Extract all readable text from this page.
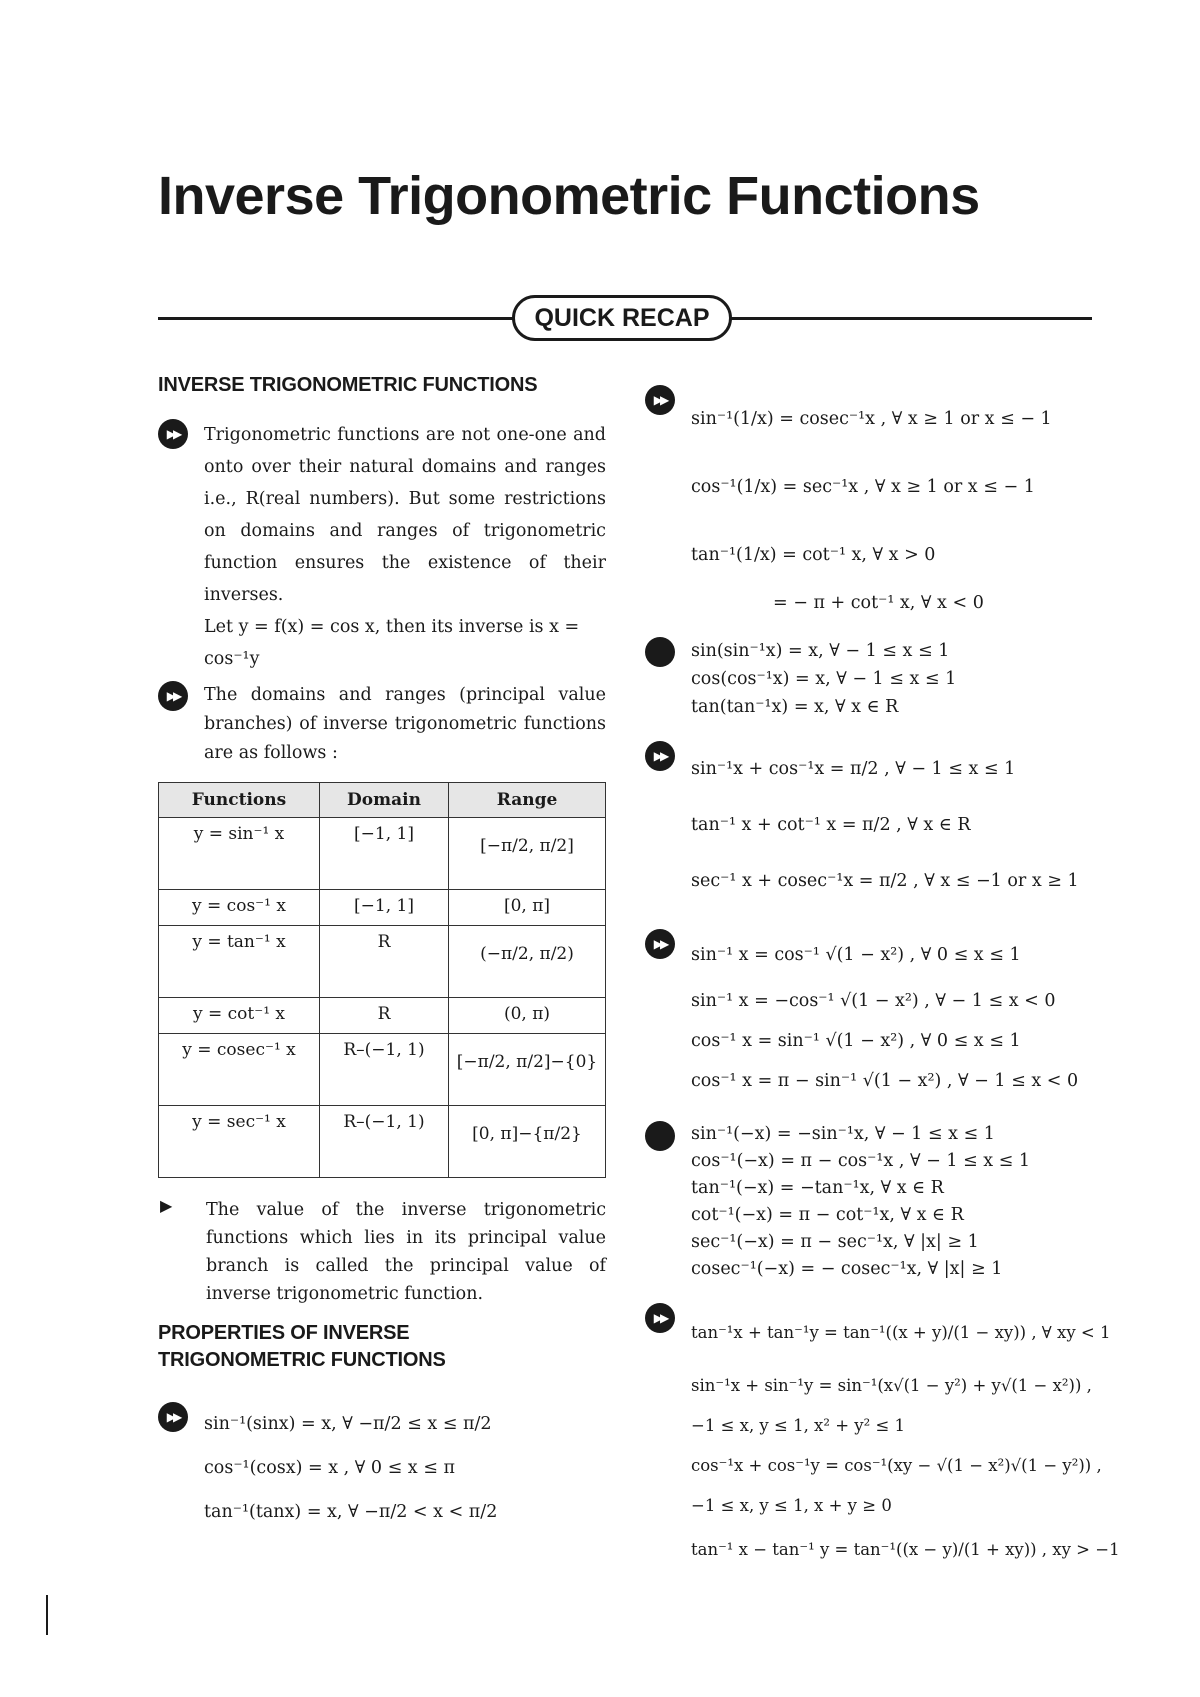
Inverse Trigonometric Functions
QUICK RECAP
INVERSE TRIGONOMETRIC FUNCTIONS
▶▶	Trigonometric functions are not one-one and onto over their natural domains and ranges i.e., R(real numbers). But some restrictions on domains and ranges of trigonometric function ensures the existence of their inverses.
Let y = f(x) = cos x, then its inverse is x = cos⁻¹y
▶▶	The domains and ranges (principal value branches) of inverse trigonometric functions are as follows :
Functions	Domain	Range
y = sin⁻¹ x	[−1, 1]	[−π/2, π/2]
y = cos⁻¹ x	[−1, 1]	[0, π]
y = tan⁻¹ x	R	(−π/2, π/2)
y = cot⁻¹ x	R	(0, π)
y = cosec⁻¹ x	R–(−1, 1)	[−π/2, π/2]−{0}
y = sec⁻¹ x	R–(−1, 1)	[0, π]−{π/2}
▶	The value of the inverse trigonometric functions which lies in its principal value branch is called the principal value of inverse trigonometric function.
PROPERTIES OF INVERSE
TRIGONOMETRIC FUNCTIONS
▶▶	sin⁻¹(sinx) = x, ∀ −π/2 ≤ x ≤ π/2
cos⁻¹(cosx) = x , ∀ 0 ≤ x ≤ π
tan⁻¹(tanx) = x, ∀ −π/2 < x < π/2
▶▶
sin⁻¹(1/x) = cosec⁻¹x , ∀ x ≥ 1 or x ≤ − 1
cos⁻¹(1/x) = sec⁻¹x , ∀ x ≥ 1 or x ≤ − 1
tan⁻¹(1/x) = cot⁻¹ x, ∀ x > 0
= − π + cot⁻¹ x, ∀ x < 0
sin(sin⁻¹x) = x, ∀ − 1 ≤ x ≤ 1
cos(cos⁻¹x) = x, ∀ − 1 ≤ x ≤ 1
tan(tan⁻¹x) = x, ∀ x ∈ R
▶▶
sin⁻¹x + cos⁻¹x = π/2 , ∀ − 1 ≤ x ≤ 1
tan⁻¹ x + cot⁻¹ x = π/2 , ∀ x ∈ R
sec⁻¹ x + cosec⁻¹x = π/2 , ∀ x ≤ −1 or x ≥ 1
▶▶
sin⁻¹ x = cos⁻¹ √(1 − x²) , ∀ 0 ≤ x ≤ 1
sin⁻¹ x = −cos⁻¹ √(1 − x²) , ∀ − 1 ≤ x < 0
cos⁻¹ x = sin⁻¹ √(1 − x²) , ∀ 0 ≤ x ≤ 1
cos⁻¹ x = π − sin⁻¹ √(1 − x²) , ∀ − 1 ≤ x < 0
sin⁻¹(−x) = −sin⁻¹x, ∀ − 1 ≤ x ≤ 1
cos⁻¹(−x) = π − cos⁻¹x , ∀ − 1 ≤ x ≤ 1
tan⁻¹(−x) = −tan⁻¹x, ∀ x ∈ R
cot⁻¹(−x) = π − cot⁻¹x, ∀ x ∈ R
sec⁻¹(−x) = π − sec⁻¹x, ∀ |x| ≥ 1
cosec⁻¹(−x) = − cosec⁻¹x, ∀ |x| ≥ 1
▶▶
tan⁻¹x + tan⁻¹y = tan⁻¹((x + y)/(1 − xy)) , ∀ xy < 1
sin⁻¹x + sin⁻¹y = sin⁻¹(x√(1 − y²) + y√(1 − x²)) ,
−1 ≤ x, y ≤ 1, x² + y² ≤ 1
cos⁻¹x + cos⁻¹y = cos⁻¹(xy − √(1 − x²)√(1 − y²)) ,
−1 ≤ x, y ≤ 1, x + y ≥ 0
tan⁻¹ x − tan⁻¹ y = tan⁻¹((x − y)/(1 + xy)) , xy > −1
